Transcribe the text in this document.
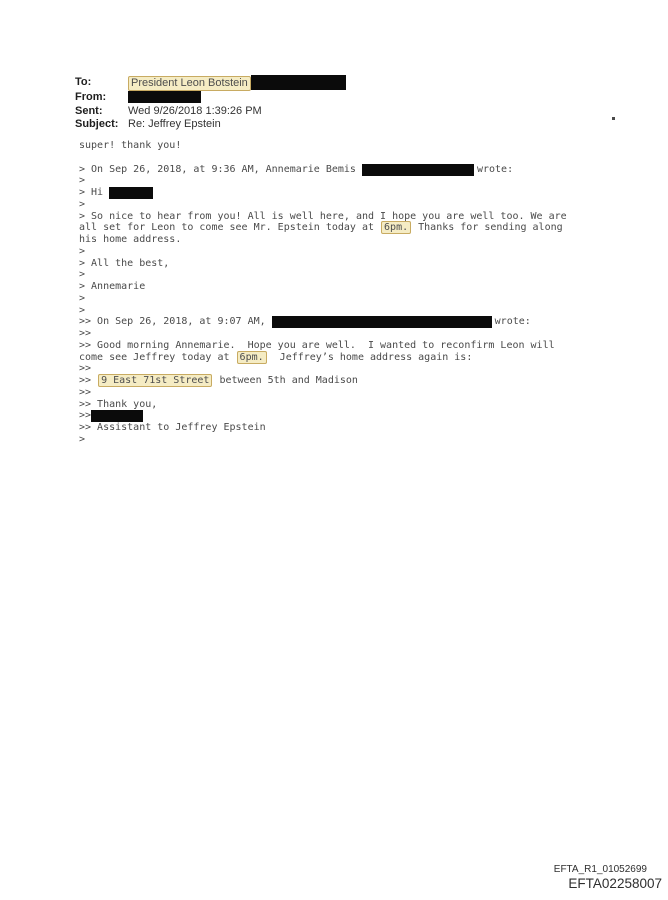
To:	President Leon Botstein
From:
Sent:	Wed 9/26/2018 1:39:26 PM
Subject: Re: Jeffrey Epstein
super! thank you!
> On Sep 26, 2018, at 9:36 AM, Annemarie Bemis	wrote:
>
> Hi
>
> So nice to hear from you! All is well here, and I hope you are well too. We are
all set for Leon to come see Mr. Epstein today at 6pm. Thanks for sending along
his home address.
>
> All the best,
>
> Annemarie
>
>
>> On Sep 26, 2018, at 9:07 AM,	wrote:
>>
>> Good morning Annemarie.  Hope you are well.  I wanted to reconfirm Leon will
come see Jeffrey today at 6pm.  Jeffrey’s home address again is:
>>
>> 9 East 71st Street between 5th and Madison
>>
>> Thank you,
>>
>> Assistant to Jeffrey Epstein
>
EFTA_R1_01052699
EFTA02258007
